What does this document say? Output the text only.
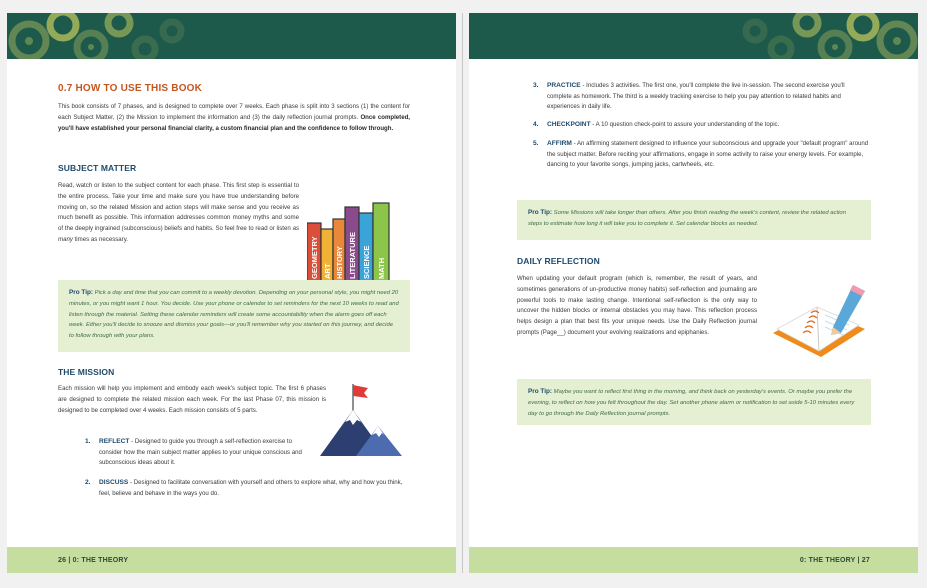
0.7 HOW TO USE THIS BOOK

This book consists of 7 phases, and is designed to complete over 7 weeks. Each phase is split into 3 sections (1) the content for each Subject Matter, (2) the Mission to implement the information and (3) the daily reflection journal prompts. Once completed, you'll have established your personal financial clarity, a custom financial plan and the confidence to follow through.

SUBJECT MATTER

Read, watch or listen to the subject content for each phase. This first step is essential to the entire process. Take your time and make sure you have true understanding before moving on, so the related Mission and action steps will make sense and you receive as much benefit as possible. This information addresses common money myths and some of the deeply ingrained (subconscious) beliefs and habits. So feel free to read or listen as many times as necessary.	GEOMETRY ART HISTORY LITERATURE SCIENCE MATH
Pro Tip: Pick a day and time that you can commit to a weekly devotion. Depending on your personal style, you might need 20 minutes, or you might want 1 hour. You decide. Use your phone or calendar to set reminders for the next 10 weeks to read and listen through the material. Setting these calendar reminders will create some accountability when the alarm goes off each week. Either you'll decide to snooze and dismiss your goals—or you'll remember why you started on this journey, and decide to follow through with your plans.
THE MISSION

Each mission will help you implement and embody each week's subject topic. The first 6 phases are designed to complete the related mission each week. For the last Phase 07, this mission is designed to be completed over 4 weeks. Each mission consists of 5 parts.

1. REFLECT - Designed to guide you through a self-reflection exercise to consider how the main subject matter applies to your unique conscious and subconscious ideas about it.
2. DISCUSS - Designed to facilitate conversation with yourself and others to explore what, why and how you think, feel, believe and behave in the ways you do.
26 | 0: THE THEORY
3. PRACTICE - Includes 3 activities. The first one, you'll complete the live in-session. The second exercise you'll complete as homework. The third is a weekly tracking exercise to help you pay attention to related habits and experiences in daily life.
4. CHECKPOINT - A 10 question check-point to assure your understanding of the topic.
5. AFFIRM - An affirming statement designed to influence your subconscious and upgrade your "default program" around the subject matter. Before reciting your affirmations, engage in some activity to raise your energy levels. For example, dancing to your favorite songs, jumping jacks, cartwheels, etc.
Pro Tip: Some Missions will take longer than others. After you finish reading the week's content, review the related action steps to estimate how long it will take you to complete it. Set calendar blocks as needed.
DAILY REFLECTION

When updating your default program (which is, remember, the result of years, and sometimes generations of un-productive money habits) self-reflection and journaling are powerful tools to make lasting change. Intentional self-reflection is the only way to uncover the hidden blocks or internal obstacles you may have. This reflection process helps design a plan that best fits your unique needs. Use the Daily Reflection journal prompts (Page__) document your evolving realizations and epiphanies.

Pro Tip: Maybe you want to reflect first thing in the morning, and think back on yesterday's events. Or maybe you prefer the evening, to reflect on how you felt throughout the day. Set another phone alarm or notification to set aside 5-10 minutes every day to go through the Daily Reflection journal prompts.
0: THE THEORY | 27
